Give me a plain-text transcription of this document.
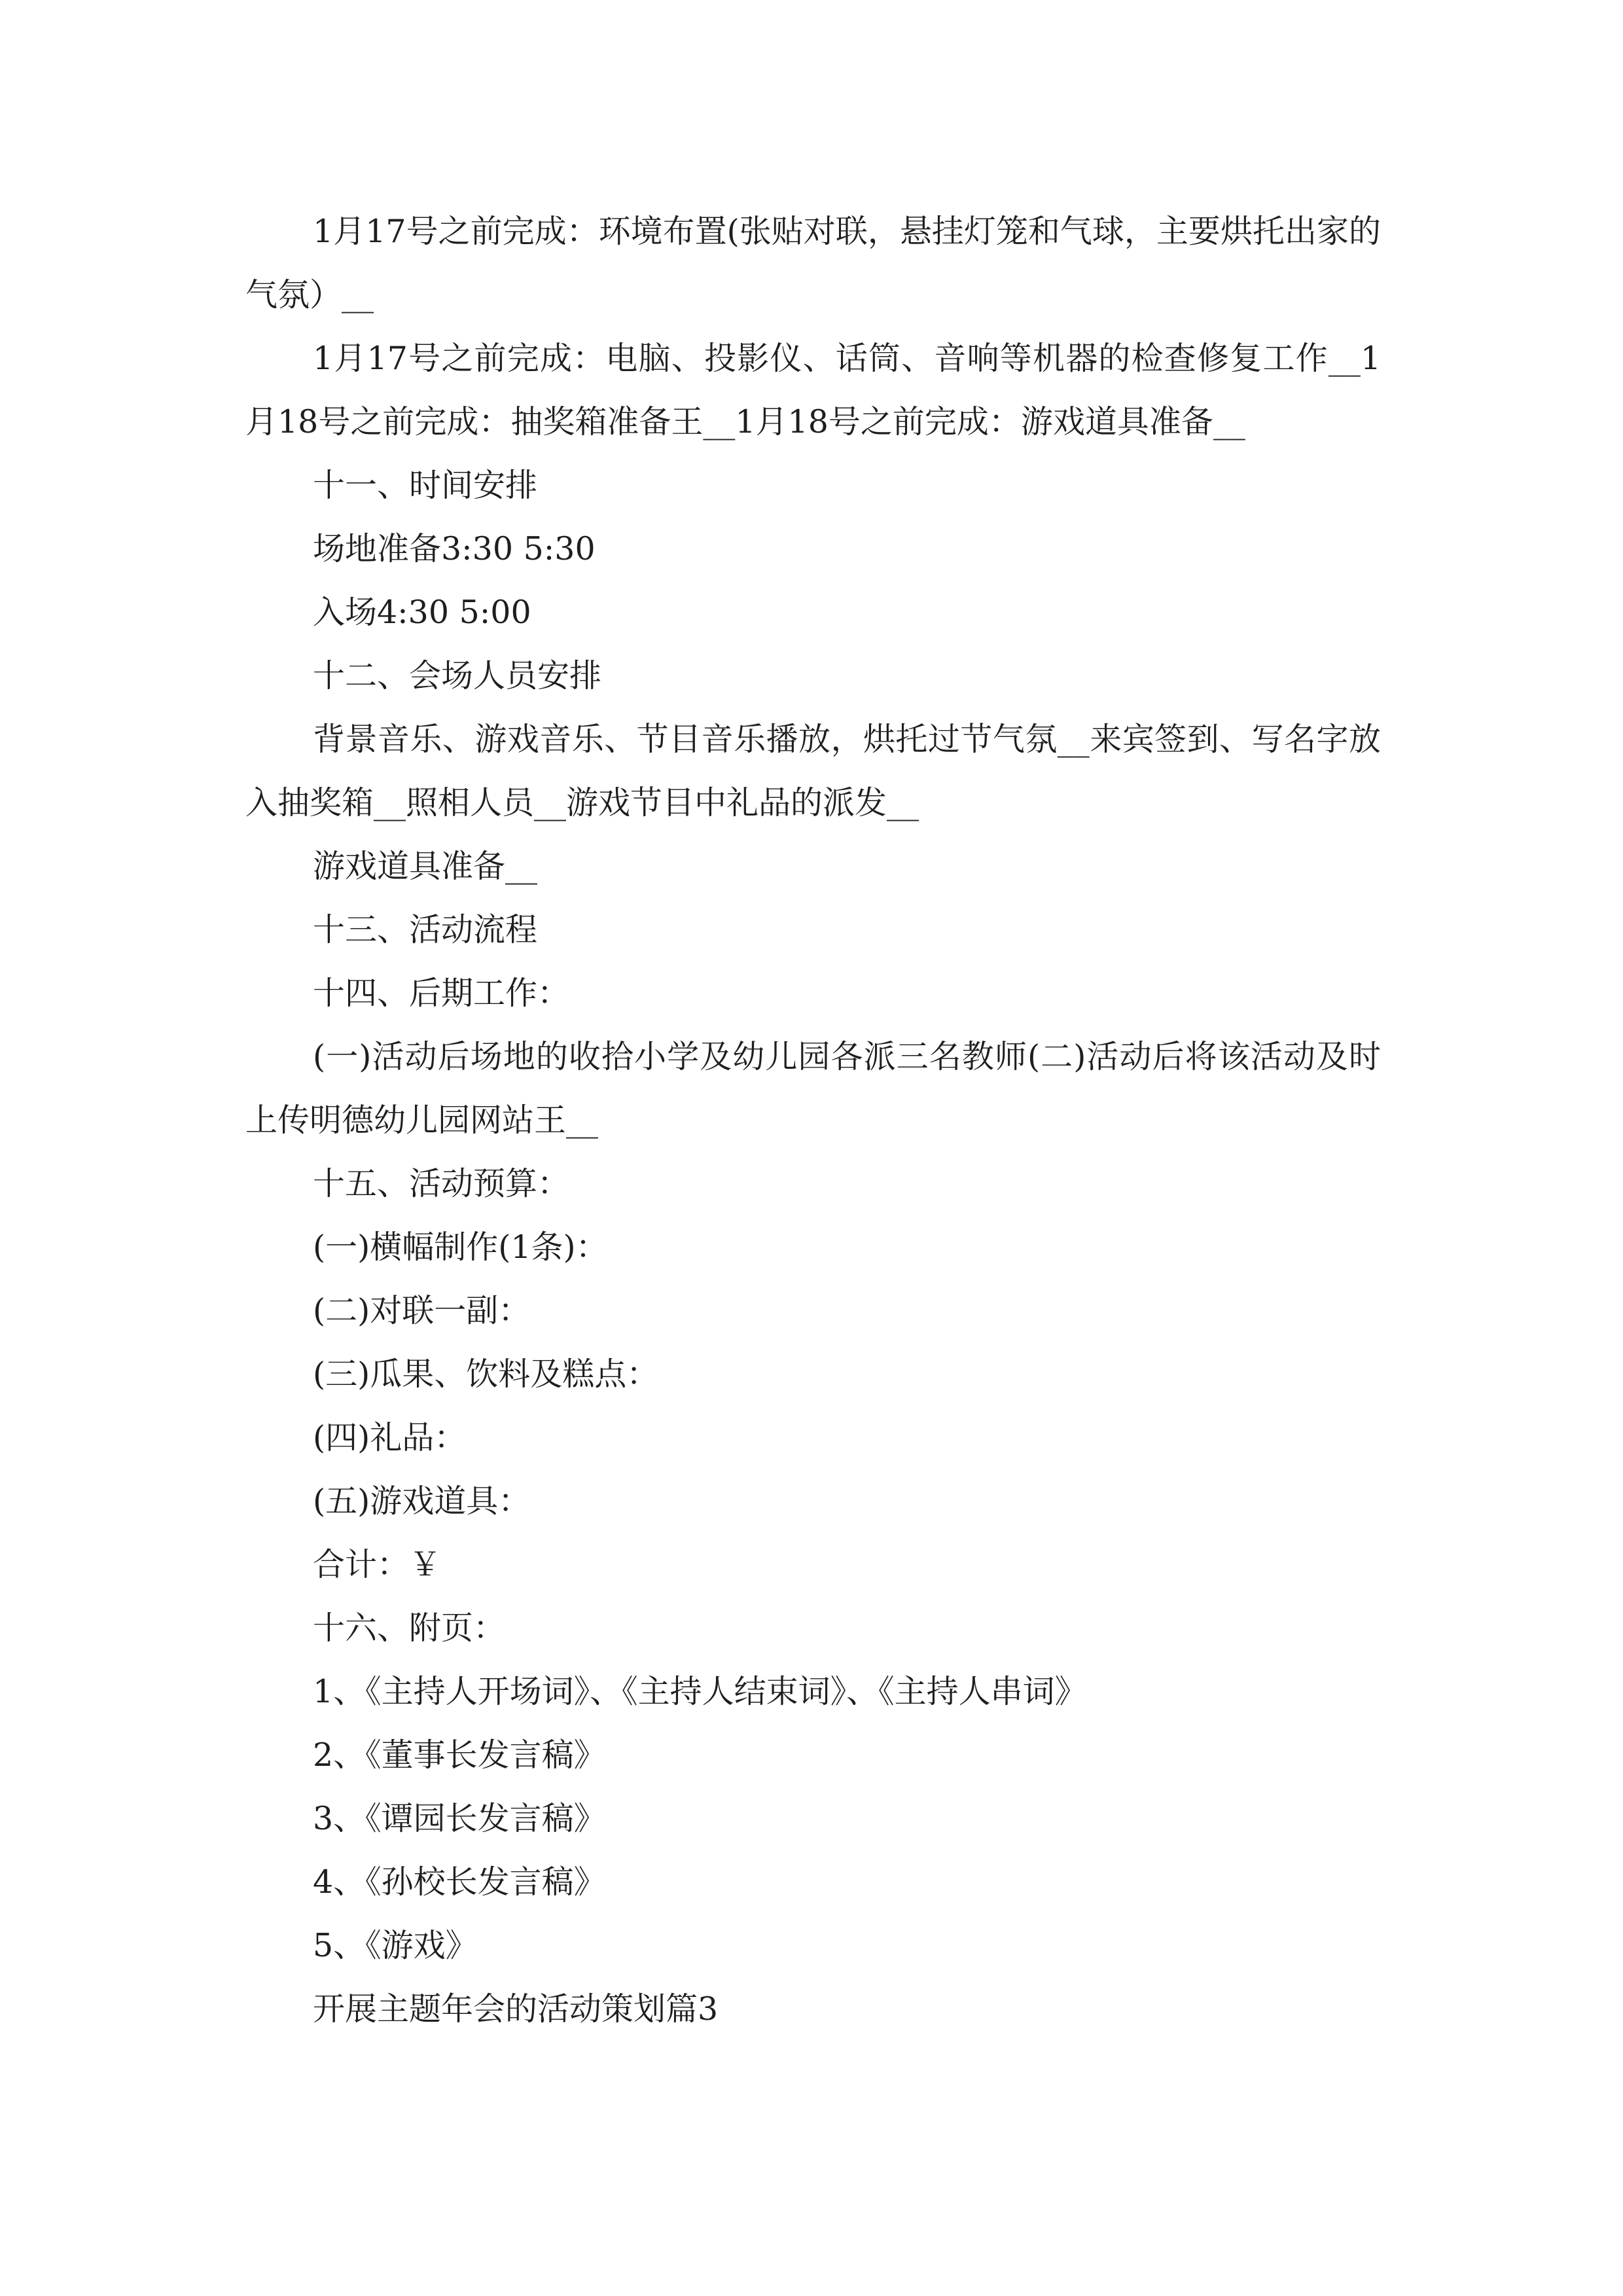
1月17号之前完成：环境布置(张贴对联，悬挂灯笼和气球，主要烘托出家的气氛）__

1月17号之前完成：电脑、投影仪、话筒、音响等机器的检查修复工作__1月18号之前完成：抽奖箱准备王__1月18号之前完成：游戏道具准备__

十一、时间安排

场地准备3:30 5:30

入场4:30 5:00

十二、会场人员安排

背景音乐、游戏音乐、节目音乐播放，烘托过节气氛__来宾签到、写名字放入抽奖箱__照相人员__游戏节目中礼品的派发__

游戏道具准备__

十三、活动流程

十四、后期工作：

(一)活动后场地的收拾小学及幼儿园各派三名教师(二)活动后将该活动及时上传明德幼儿园网站王__

十五、活动预算：

(一)横幅制作(1条)：

(二)对联一副：

(三)瓜果、饮料及糕点：

(四)礼品：

(五)游戏道具：

合计：￥

十六、附页：

1、《主持人开场词》、《主持人结束词》、《主持人串词》

2、《董事长发言稿》

3、《谭园长发言稿》

4、《孙校长发言稿》

5、《游戏》

开展主题年会的活动策划篇3
